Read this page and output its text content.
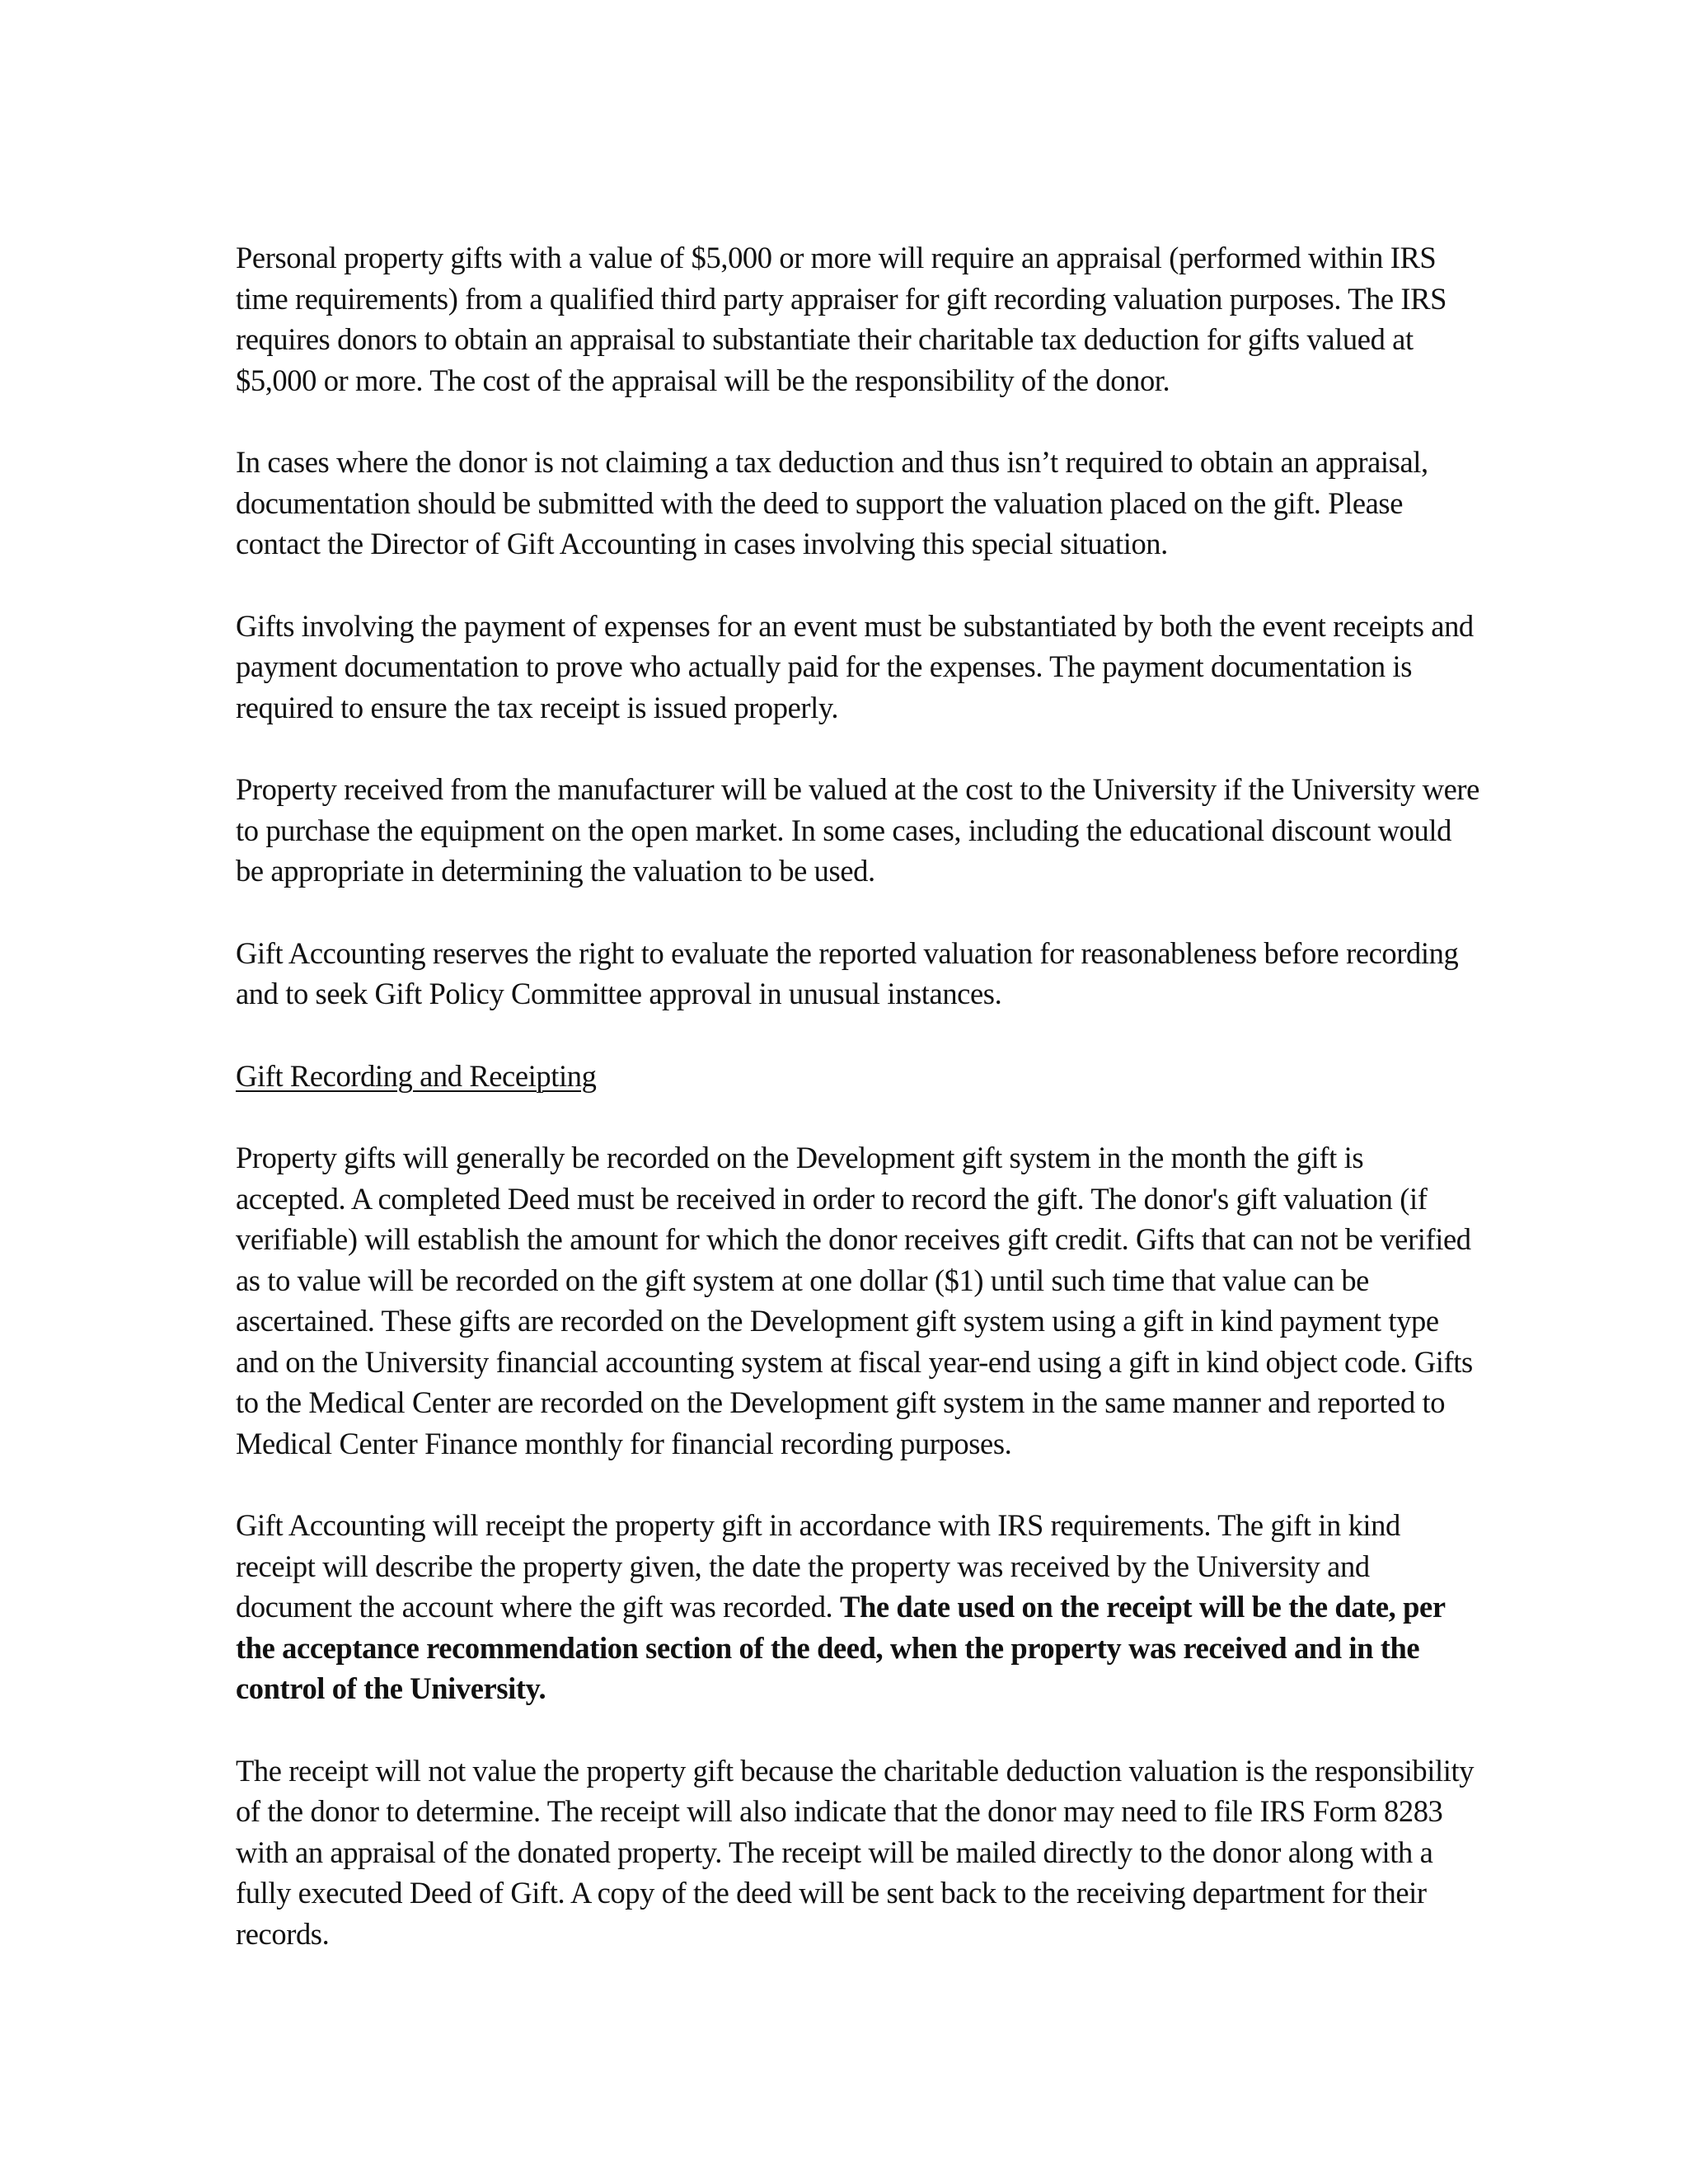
Personal property gifts with a value of $5,000 or more will require an appraisal (performed within IRS time requirements) from a qualified third party appraiser for gift recording valuation purposes. The IRS requires donors to obtain an appraisal to substantiate their charitable tax deduction for gifts valued at $5,000 or more. The cost of the appraisal will be the responsibility of the donor.

In cases where the donor is not claiming a tax deduction and thus isn’t required to obtain an appraisal, documentation should be submitted with the deed to support the valuation placed on the gift. Please contact the Director of Gift Accounting in cases involving this special situation.

Gifts involving the payment of expenses for an event must be substantiated by both the event receipts and payment documentation to prove who actually paid for the expenses. The payment documentation is required to ensure the tax receipt is issued properly.

Property received from the manufacturer will be valued at the cost to the University if the University were to purchase the equipment on the open market. In some cases, including the educational discount would be appropriate in determining the valuation to be used.

Gift Accounting reserves the right to evaluate the reported valuation for reasonableness before recording and to seek Gift Policy Committee approval in unusual instances.

Gift Recording and Receipting

Property gifts will generally be recorded on the Development gift system in the month the gift is accepted. A completed Deed must be received in order to record the gift. The donor's gift valuation (if verifiable) will establish the amount for which the donor receives gift credit. Gifts that can not be verified as to value will be recorded on the gift system at one dollar ($1) until such time that value can be ascertained. These gifts are recorded on the Development gift system using a gift in kind payment type and on the University financial accounting system at fiscal year-end using a gift in kind object code. Gifts to the Medical Center are recorded on the Development gift system in the same manner and reported to Medical Center Finance monthly for financial recording purposes.

Gift Accounting will receipt the property gift in accordance with IRS requirements. The gift in kind receipt will describe the property given, the date the property was received by the University and document the account where the gift was recorded. The date used on the receipt will be the date, per the acceptance recommendation section of the deed, when the property was received and in the control of the University.

The receipt will not value the property gift because the charitable deduction valuation is the responsibility of the donor to determine. The receipt will also indicate that the donor may need to file IRS Form 8283 with an appraisal of the donated property. The receipt will be mailed directly to the donor along with a fully executed Deed of Gift. A copy of the deed will be sent back to the receiving department for their records.
